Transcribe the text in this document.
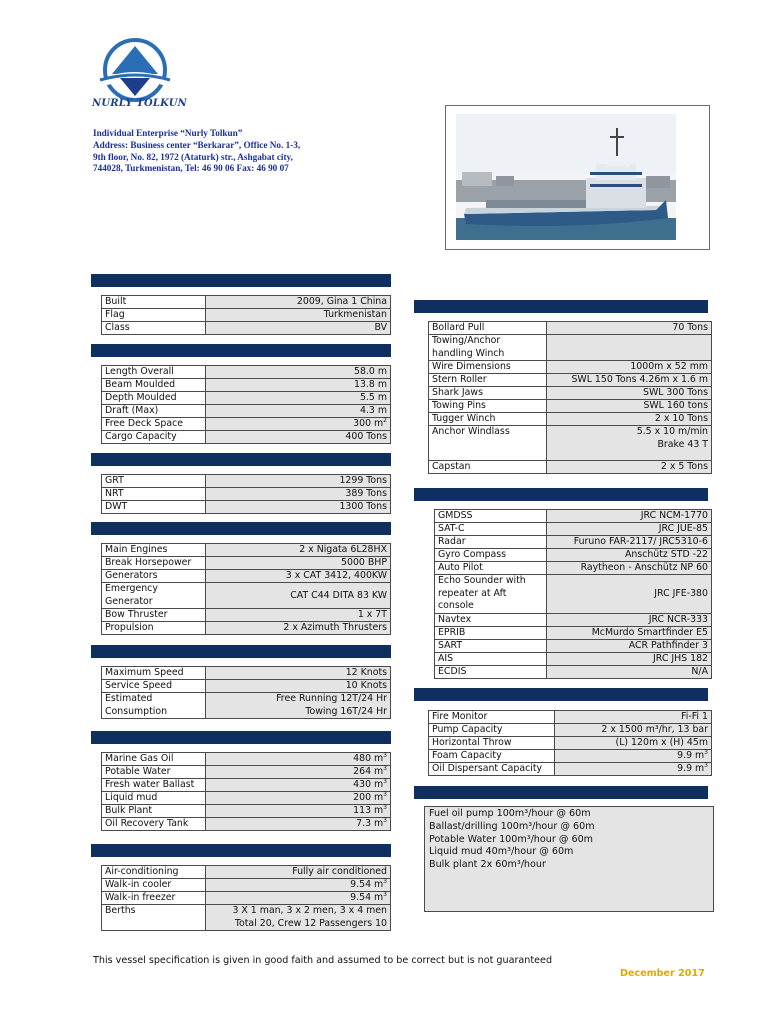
NURLY TOLKUN
Individual Enterprise “Nurly Tolkun”
Address: Business center “Berkarar”, Office No. 1-3,
9th floor, No. 82, 1972 (Ataturk) str., Ashgabat city,
744028, Turkmenistan, Tel: 46 90 06 Fax: 46 90 07
Built	2009, Gina 1 China
Flag	Turkmenistan
Class	BV
Length Overall	58.0 m
Beam Moulded	13.8 m
Depth Moulded	5.5 m
Draft (Max)	4.3 m
Free Deck Space	300 $m^2$
Cargo Capacity	400 Tons
GRT	1299 Tons
NRT	389 Tons
DWT	1300 Tons
Main Engines	2 x Nigata 6L28HX
Break Horsepower	5000 BHP
Generators	3 x CAT 3412, 400KW
Emergency Generator	CAT C44 DITA 83 KW
Bow Thruster	1 x 7T
Propulsion	2 x Azimuth Thrusters
Maximum Speed	12 Knots
Service Speed	10 Knots
Estimated Consumption	Free Running 12T/24 Hr
Towing 16T/24 Hr
Marine Gas Oil	480 $m^3$
Potable Water	264 $m^3$
Fresh water Ballast	430 $m^3$
Liquid mud	200 $m^3$
Bulk Plant	113 $m^3$
Oil Recovery Tank	7.3 $m^3$
Air-conditioning	Fully air conditioned
Walk-in cooler	9.54 $m^3$
Walk-in freezer	9.54 $m^3$
Berths	3 X 1 man, 3 x 2 men, 3 x 4 men
Total 20, Crew 12 Passengers 10
Bollard Pull	70 Tons
Towing/Anchor handling Winch	
Wire Dimensions	1000m x 52 mm
Stern Roller	SWL 150 Tons 4.26m x 1.6 m
Shark Jaws	SWL 300 Tons
Towing Pins	SWL 160 tons
Tugger Winch	2 x 10 Tons
Anchor Windlass	5.5 x 10 m/min
Brake 43 T

Capstan	2 x 5 Tons
GMDSS	JRC NCM-1770
SAT-C	JRC JUE-85
Radar	Furuno FAR-2117/ JRC5310-6
Gyro Compass	Anschütz STD -22
Auto Pilot	Raytheon - Anschütz NP 60
Echo Sounder with repeater at Aft console	JRC JFE-380
Navtex	JRC NCR-333
EPRIB	McMurdo Smartfinder E5
SART	ACR Pathfinder 3
AIS	JRC JHS 182
ECDIS	N/A
Fire Monitor	Fi-Fi 1
Pump Capacity	2 x 1500 m³/hr, 13 bar
Horizontal Throw	(L) 120m x (H) 45m
Foam Capacity	9.9 $m^3$
Oil Dispersant Capacity	9.9 $m^3$
Fuel oil pump 100m³/hour @ 60m
Ballast/drilling 100m³/hour @ 60m
Potable Water 100m³/hour @ 60m
Liquid mud 40m³/hour @ 60m
Bulk plant 2x 60m³/hour
This vessel specification is given in good faith and assumed to be correct but is not guaranteed
December 2017
